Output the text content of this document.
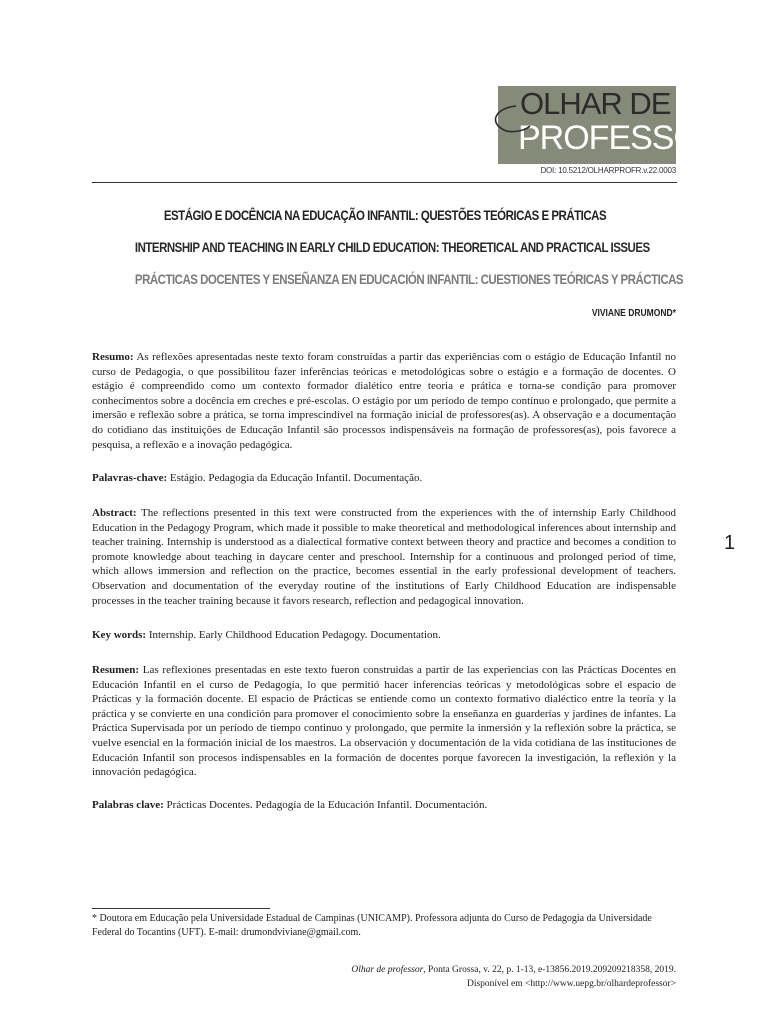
OLHAR DE
PROFESSOR
DOI: 10.5212/OLHARPROFR.v.22.0003
ESTÁGIO E DOCÊNCIA NA EDUCAÇÃO INFANTIL: QUESTÕES TEÓRICAS E PRÁTICAS
INTERNSHIP AND TEACHING IN EARLY CHILD EDUCATION: THEORETICAL AND PRACTICAL ISSUES
PRÁCTICAS DOCENTES Y ENSEÑANZA EN EDUCACIÓN INFANTIL: CUESTIONES TEÓRICAS Y PRÁCTICAS
VIVIANE DRUMOND*
Resumo: As reflexões apresentadas neste texto foram construídas a partir das experiências com o estágio de Educação Infantil no curso de Pedagogia, o que possibilitou fazer inferências teóricas e metodológicas sobre o estágio e a formação de docentes. O estágio é compreendido como um contexto formador dialético entre teoria e prática e torna-se condição para promover conhecimentos sobre a docência em creches e pré-escolas. O estágio por um período de tempo contínuo e prolongado, que permite a imersão e reflexão sobre a prática, se torna imprescindível na formação inicial de professores(as). A observação e a documentação do cotidiano das instituições de Educação Infantil são processos indispensáveis na formação de professores(as), pois favorece a pesquisa, a reflexão e a inovação pedagógica.
Palavras-chave: Estágio. Pedagogia da Educação Infantil. Documentação.
Abstract: The reflections presented in this text were constructed from the experiences with the of internship Early Childhood Education in the Pedagogy Program, which made it possible to make theoretical and methodological inferences about internship and teacher training. Internship is understood as a dialectical formative context between theory and practice and becomes a condition to promote knowledge about teaching in daycare center and preschool. Internship for a continuous and prolonged period of time, which allows immersion and reflection on the practice, becomes essential in the early professional development of teachers. Observation and documentation of the everyday routine of the institutions of Early Childhood Education are indispensable processes in the teacher training because it favors research, reflection and pedagogical innovation.
Key words: Internship. Early Childhood Education Pedagogy. Documentation.
Resumen: Las reflexiones presentadas en este texto fueron construidas a partir de las experiencias con las Prácticas Docentes en Educación Infantil en el curso de Pedagogía, lo que permitió hacer inferencias teóricas y metodológicas sobre el espacio de Prácticas y la formación docente. El espacio de Prácticas se entiende como un contexto formativo dialéctico entre la teoría y la práctica y se convierte en una condición para promover el conocimiento sobre la enseñanza en guarderías y jardines de infantes. La Práctica Supervisada por un período de tiempo continuo y prolongado, que permite la inmersión y la reflexión sobre la práctica, se vuelve esencial en la formación inicial de los maestros. La observación y documentación de la vida cotidiana de las instituciones de Educación Infantil son procesos indispensables en la formación de docentes porque favorecen la investigación, la reflexión y la innovación pedagógica.
Palabras clave: Prácticas Docentes. Pedagogía de la Educación Infantil. Documentación.
1
* Doutora em Educação pela Universidade Estadual de Campinas (UNICAMP). Professora adjunta do Curso de Pedagogia da Universidade Federal do Tocantins (UFT). E-mail: drumondviviane@gmail.com.
Olhar de professor, Ponta Grossa, v. 22, p. 1-13, e-13856.2019.209209218358, 2019.
Disponível em <http://www.uepg.br/olhardeprofessor>
